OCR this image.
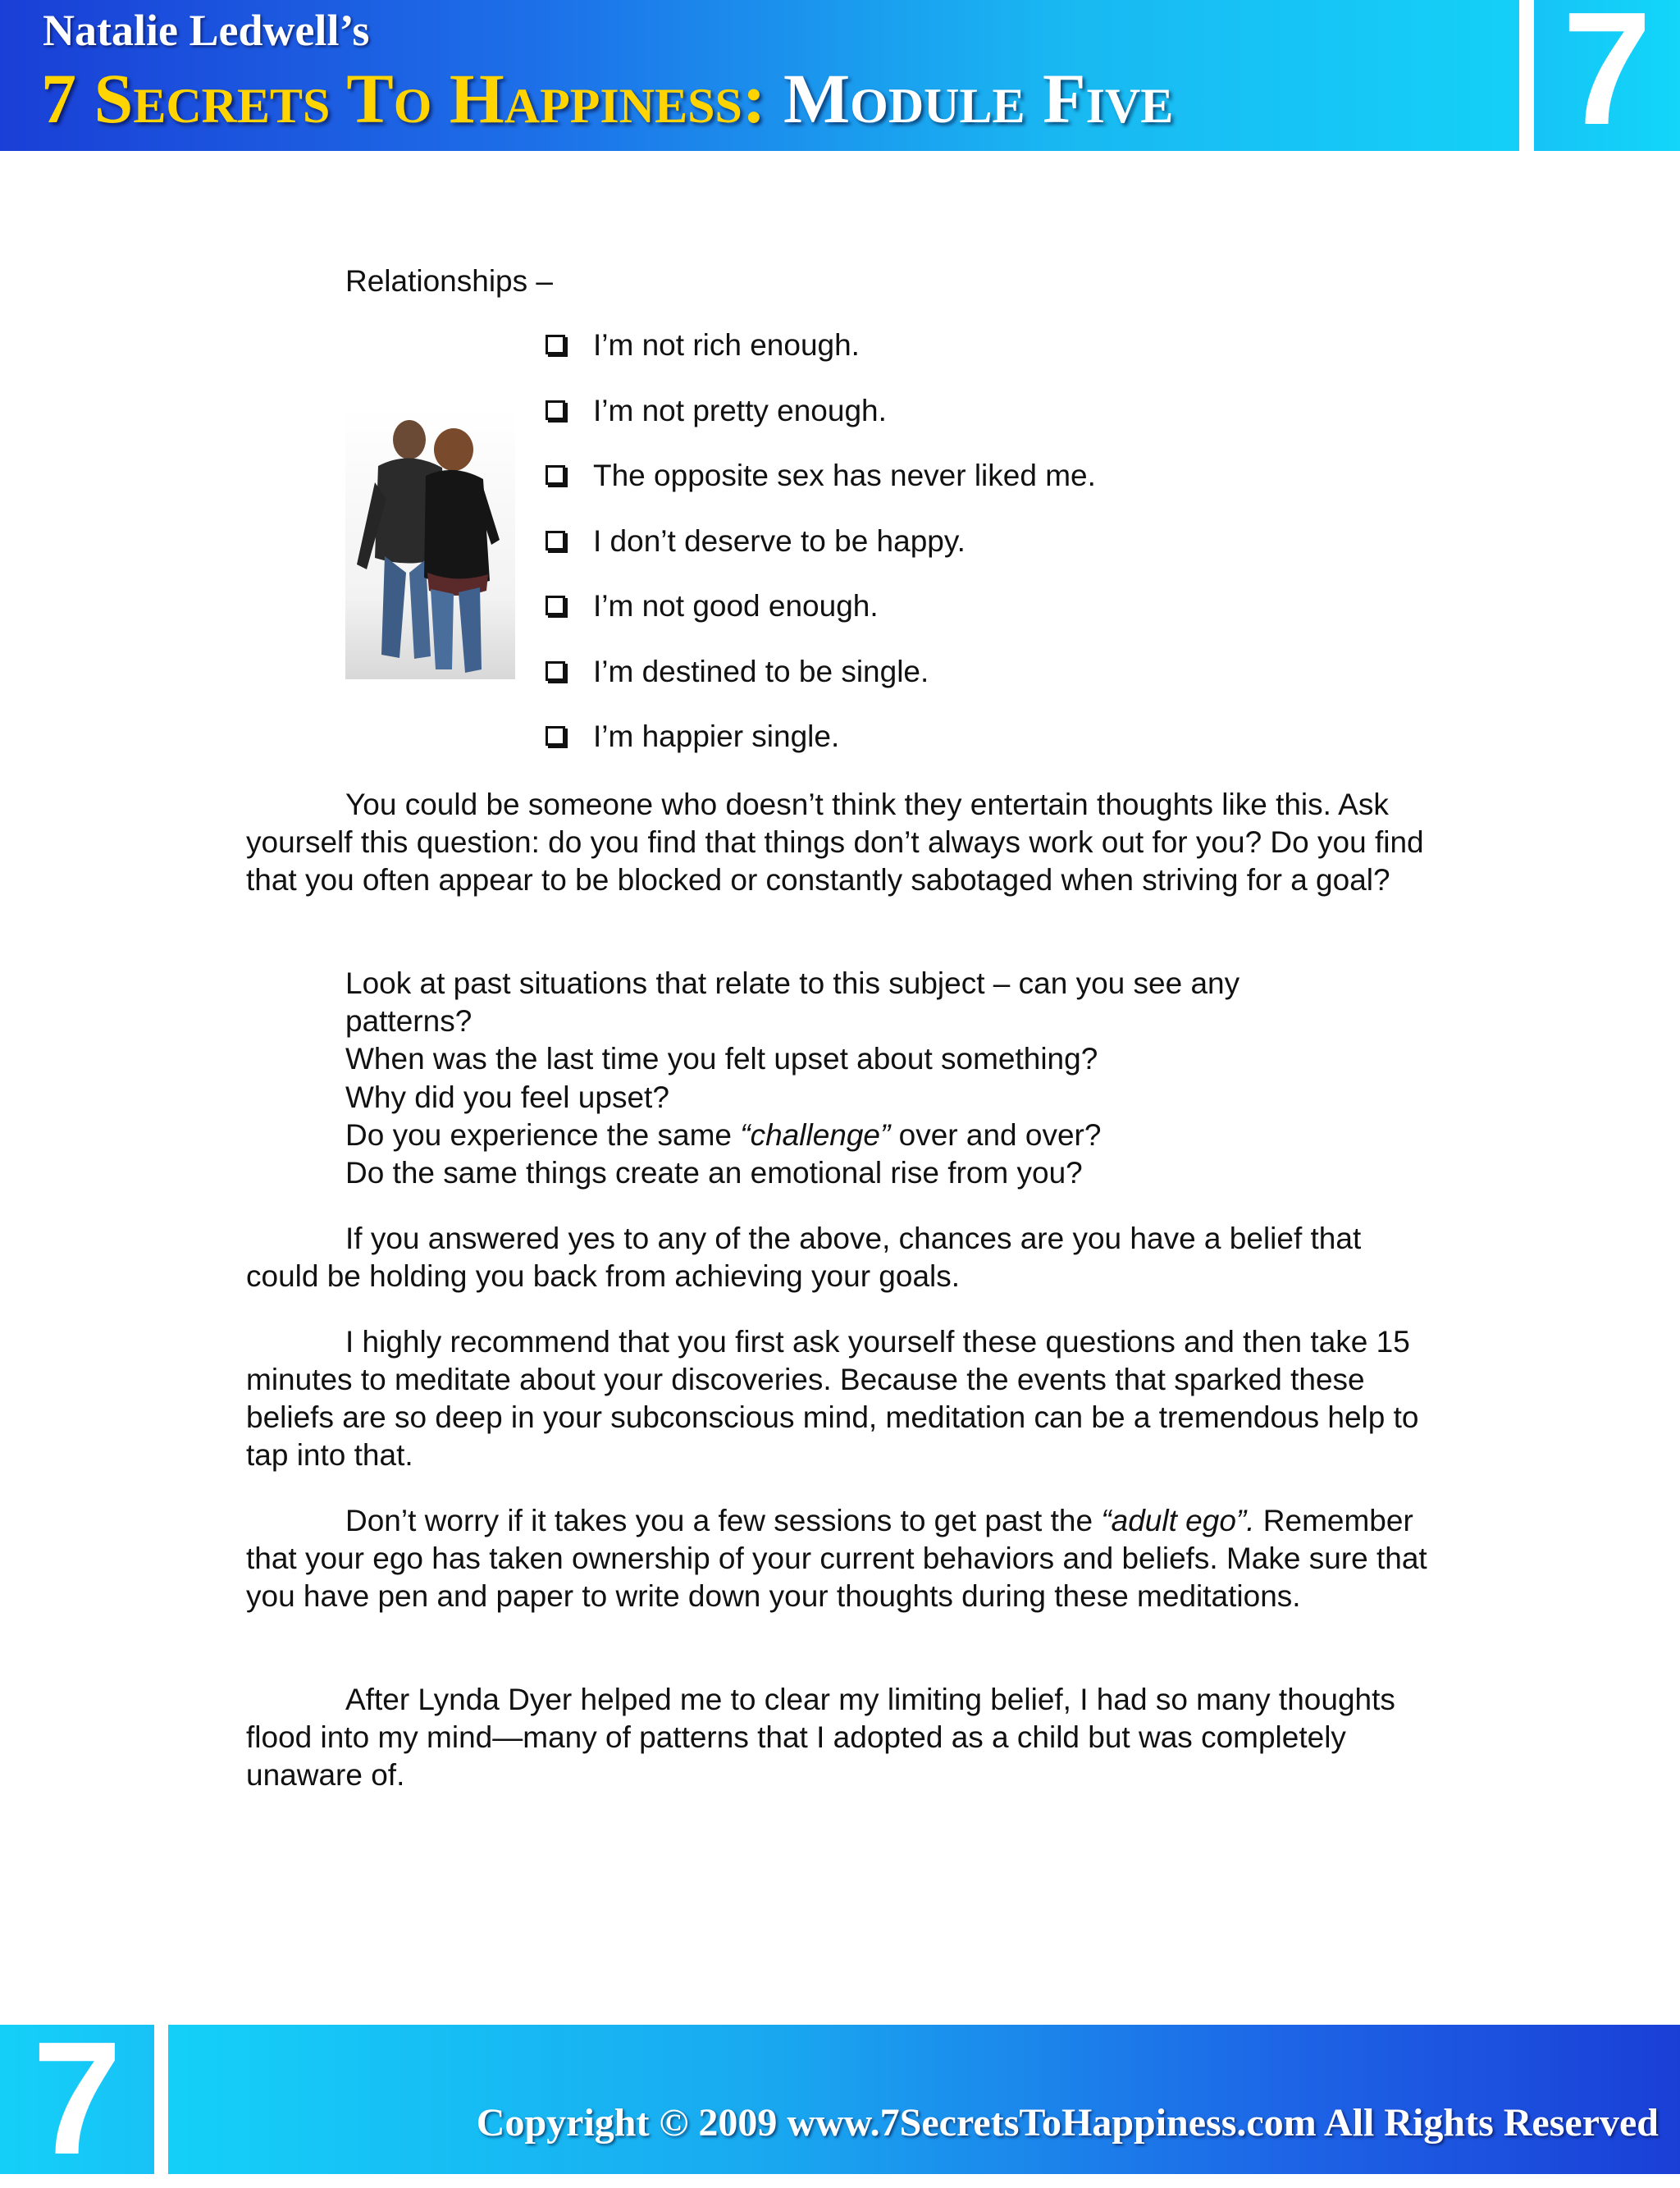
7
Natalie Ledwell’s
7 Secrets To Happiness: Module Five
Relationships –
I’m not rich enough.
I’m not pretty enough.
The opposite sex has never liked me.
I don’t deserve to be happy.
I’m not good enough.
I’m destined to be single.
I’m happier single.
You could be someone who doesn’t think they entertain thoughts like this. Ask yourself this question: do you find that things don’t always work out for you? Do you find that you often appear to be blocked or constantly sabotaged when striving for a goal?
Look at past situations that relate to this subject – can you see any patterns?
When was the last time you felt upset about something?
Why did you feel upset?
Do you experience the same “challenge” over and over?
Do the same things create an emotional rise from you?
If you answered yes to any of the above, chances are you have a belief that could be holding you back from achieving your goals.
I highly recommend that you first ask yourself these questions and then take 15 minutes to meditate about your discoveries. Because the events that sparked these beliefs are so deep in your subconscious mind, meditation can be a tremendous help to tap into that.
Don’t worry if it takes you a few sessions to get past the “adult ego”. Remember that your ego has taken ownership of your current behaviors and beliefs. Make sure that you have pen and paper to write down your thoughts during these meditations.
After Lynda Dyer helped me to clear my limiting belief, I had so many thoughts flood into my mind—many of patterns that I adopted as a child but was completely unaware of.
7	Copyright © 2009 www.7SecretsToHappiness.com All Rights Reserved
